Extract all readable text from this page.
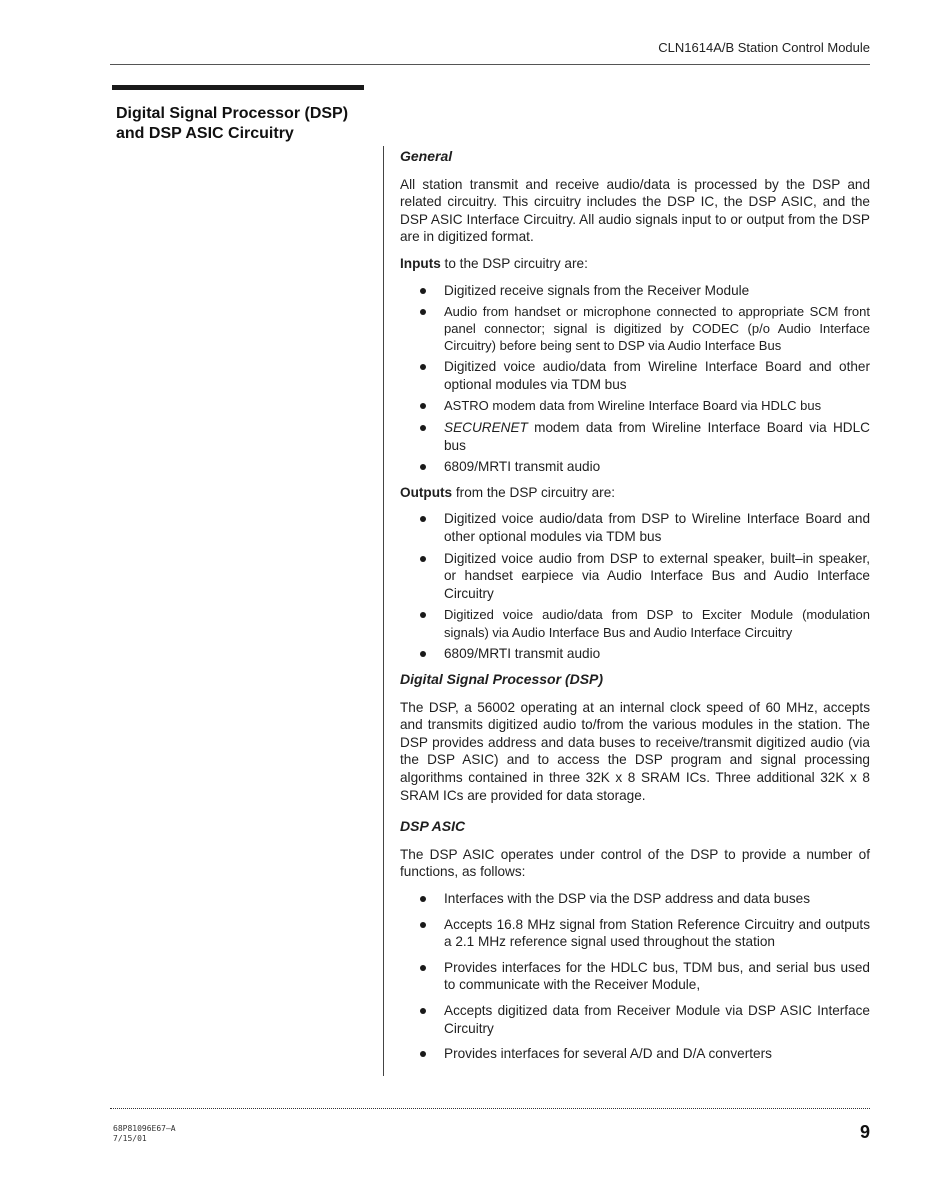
CLN1614A/B Station Control Module
Digital Signal Processor (DSP)
and DSP ASIC Circuitry
General

All station transmit and receive audio/data is processed by the DSP and related circuitry. This circuitry includes the DSP IC, the DSP ASIC, and the DSP ASIC Interface Circuitry. All audio signals input to or output from the DSP are in digitized format.

Inputs to the DSP circuitry are:

Digitized receive signals from the Receiver Module
Audio from handset or microphone connected to appropriate SCM front panel connector; signal is digitized by CODEC (p/o Audio Interface Circuitry) before being sent to DSP via Audio Interface Bus
Digitized voice audio/data from Wireline Interface Board and other optional modules via TDM bus
ASTRO modem data from Wireline Interface Board via HDLC bus
SECURENET modem data from Wireline Interface Board via HDLC bus
6809/MRTI transmit audio

Outputs from the DSP circuitry are:

Digitized voice audio/data from DSP to Wireline Interface Board and other optional modules via TDM bus
Digitized voice audio from DSP to external speaker, built–in speaker, or handset earpiece via Audio Interface Bus and Audio Interface Circuitry
Digitized voice audio/data from DSP to Exciter Module (modulation signals) via Audio Interface Bus and Audio Interface Circuitry
6809/MRTI transmit audio
Digital Signal Processor (DSP)

The DSP, a 56002 operating at an internal clock speed of 60 MHz, accepts and transmits digitized audio to/from the various modules in the station. The DSP provides address and data buses to receive/transmit digitized audio (via the DSP ASIC) and to access the DSP program and signal processing algorithms contained in three 32K x 8 SRAM ICs. Three additional 32K x 8 SRAM ICs are provided for data storage.

DSP ASIC

The DSP ASIC operates under control of the DSP to provide a number of functions, as follows:

Interfaces with the DSP via the DSP address and data buses
Accepts 16.8 MHz signal from Station Reference Circuitry and outputs a 2.1 MHz reference signal used throughout the station
Provides interfaces for the HDLC bus, TDM bus, and serial bus used to communicate with the Receiver Module,
Accepts digitized data from Receiver Module via DSP ASIC Interface Circuitry
Provides interfaces for several A/D and D/A converters
68P81096E67–A
7/15/01	9
